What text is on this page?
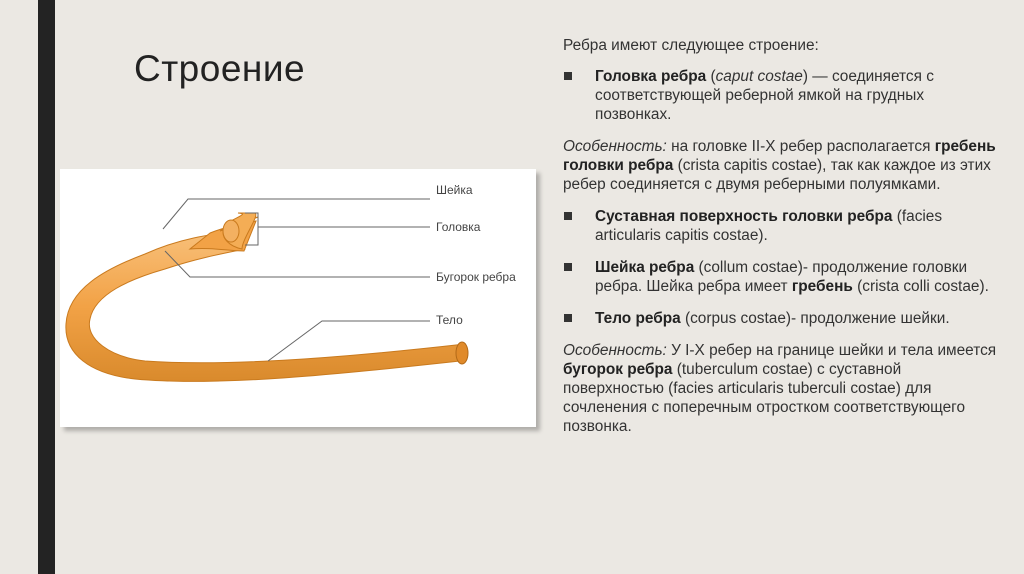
Строение
Шейка
Головка
Бугорок ребра
Тело

Ребра имеют следующее строение:

Головка ребра (caput costae) — соединяется с соответствующей реберной ямкой на грудных позвонках.

Особенность: на головке II-X ребер располагается гребень головки ребра (crista capitis costae), так как каждое из этих ребер соединяется с двумя реберными полуямками.

Суставная поверхность головки ребра (facies articularis capitis costae).
Шейка ребра (collum costae)- продолжение головки ребра. Шейка ребра имеет гребень (crista colli costae).
Тело ребра (corpus costae)- продолжение шейки.

Особенность: У I-X ребер на границе шейки и тела имеется бугорок ребра (tuberculum costae) с суставной поверхностью (facies articularis tuberculi costae) для сочленения с поперечным отростком соответствующего позвонка.
